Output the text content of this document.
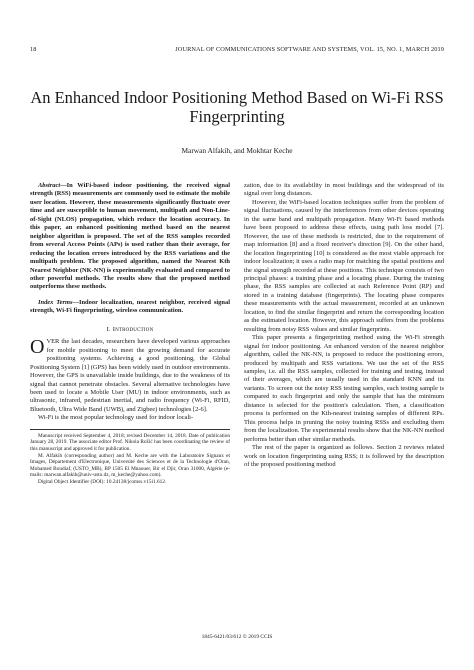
18	JOURNAL OF COMMUNICATIONS SOFTWARE AND SYSTEMS, VOL. 15, NO. 1, MARCH 2019
An Enhanced Indoor Positioning Method Based on Wi-Fi RSS Fingerprinting
Marwan Alfakih, and Mokhtar Keche

Abstract—In WiFi-based indoor positioning, the received signal strength (RSS) measurements are commonly used to estimate the mobile user location. However, these measurements significantly fluctuate over time and are susceptible to human movement, multipath and Non-Line-of-Sight (NLOS) propagation, which reduce the location accuracy. In this paper, an enhanced positioning method based on the nearest neighbor algorithm is proposed. The set of the RSS samples recorded from several Access Points (APs) is used rather than their average, for reducing the location errors introduced by the RSS variations and the multipath problem. The proposed algorithm, named the Nearest Kth Nearest Neighbor (NK-NN) is experimentally evaluated and compared to other powerful methods. The results show that the proposed method outperforms these methods.

Index Terms—Indoor localization, nearest neighbor, received signal strength, Wi-Fi fingerprinting, wireless communication.

I. Introduction

OVER the last decades, researchers have developed various approaches for mobile positioning to meet the growing demand for accurate positioning systems. Achieving a good positioning, the Global Positioning System [1] (GPS) has been widely used in outdoor environments. However, the GPS is unavailable inside buildings, due to the weakness of its signal that cannot penetrate obstacles. Several alternative technologies have been used to locate a Mobile User (MU) in indoor environments, such as ultrasonic, infrared, pedestrian inertial, and radio frequency (Wi-Fi, RFID, Bluetooth, Ultra Wide Band (UWB), and Zigbee) technologies [2-6].

Wi-Fi is the most popular technology used for indoor locali-

Manuscript received September 4, 2018; revised December 14, 2018. Date of publication January 28, 2019. The associate editor Prof. Nikola Rožić has been coordinating the review of this manuscript and approved it for publication.

M. Alfakih (corresponding author) and M. Keche are with the Laboratoire Signaux et Images, Département d'Electronique, Université des Sciences et de la Technologie d'Oran, Mohamed Boudiaf, (USTO_MB), BP 1505 El Mnaouer, Bir el Djir, Oran 31000, Algérie (e-mails: marwan.alfakih@univ-usto.dz, m_keche@yahoo.com).

Digital Object Identifier (DOI): 10.24138/jcomss.v15i1.612.

zation, due to its availability in most buildings and the widespread of its signal over long distances.

However, the WiFi-based location techniques suffer from the problem of signal fluctuations, caused by the interferences from other devices operating in the same band and multipath propagation. Many Wi-Fi based methods have been proposed to address these effects, using path loss model [7]. However, the use of these methods is restricted, due to the requirement of map information [8] and a fixed receiver's direction [9]. On the other hand, the location fingerprinting [10] is considered as the most viable approach for indoor localization; it uses a radio map for matching the spatial positions and the signal strength recorded at these positions. This technique consists of two principal phases: a training phase and a locating phase. During the training phase, the RSS samples are collected at each Reference Point (RP) and stored in a training database (fingerprints). The locating phase compares these measurements with the actual measurement, recorded at an unknown location, to find the similar fingerprint and return the corresponding location as the estimated location. However, this approach suffers from the problems resulting from noisy RSS values and similar fingerprints.

This paper presents a fingerprinting method using the Wi-Fi strength signal for indoor positioning. An enhanced version of the nearest neighbor algorithm, called the NK-NN, is proposed to reduce the positioning errors, produced by multipath and RSS variations. We use the set of the RSS samples, i.e. all the RSS samples, collected for training and testing, instead of their averages, which are usually used in the standard KNN and its variants. To screen out the noisy RSS testing samples, each testing sample is compared to each fingerprint and only the sample that has the minimum distance is selected for the position's calculation. Then, a classification process is performed on the Kth-nearest training samples of different RPs. This process helps in pruning the noisy training RSSs and excluding them from the localization. The experimental results show that the NK-NN method performs better than other similar methods.

The rest of the paper is organized as follows. Section 2 reviews related work on location fingerprinting using RSS; it is followed by the description of the proposed positioning method

1845-6421/03/612 © 2019 CCIS
